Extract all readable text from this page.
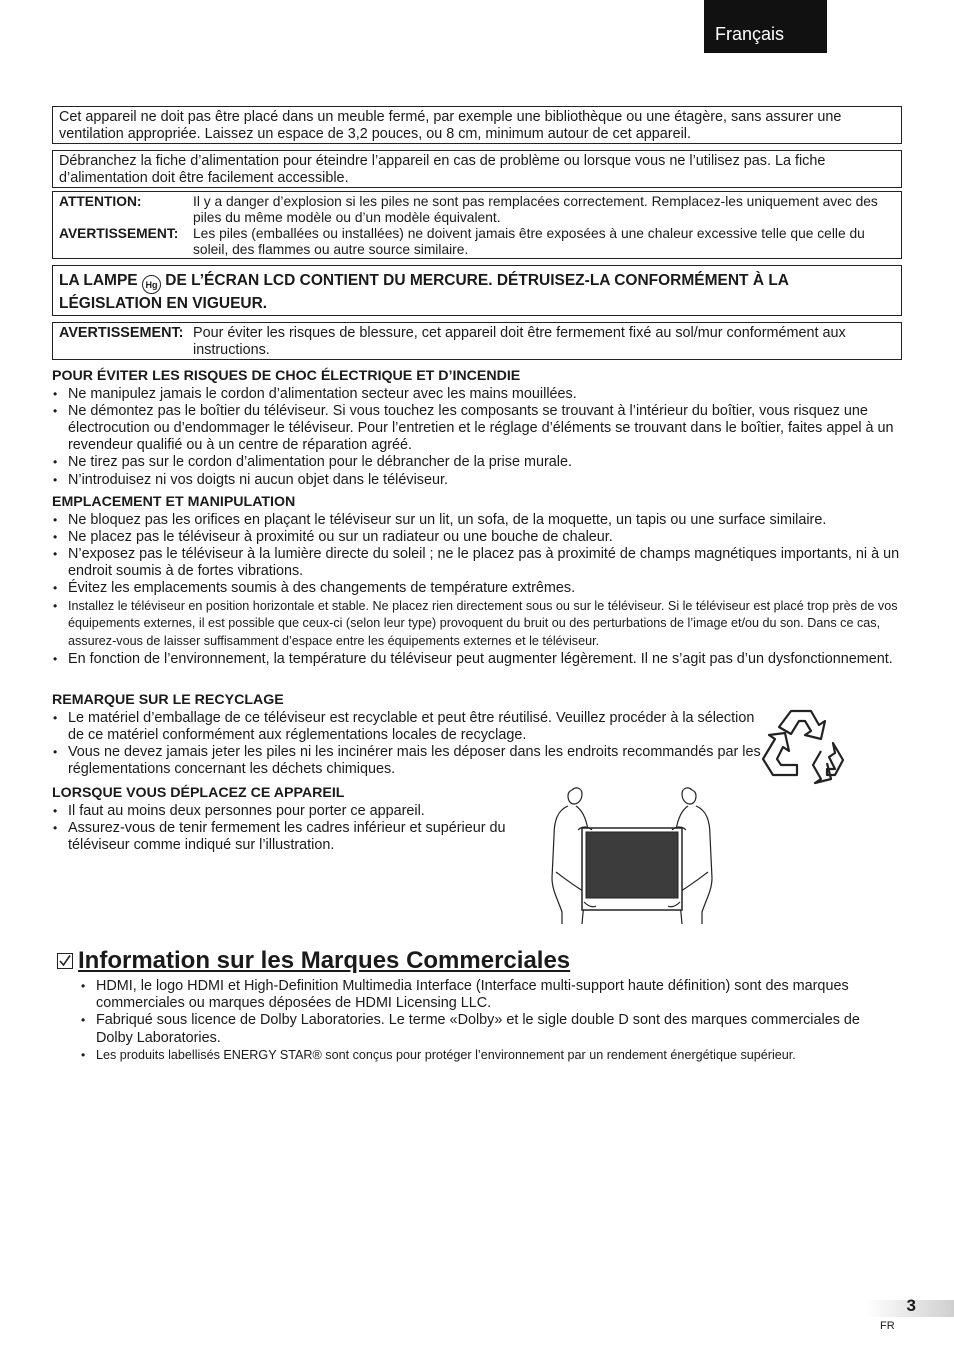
Français
Cet appareil ne doit pas être placé dans un meuble fermé, par exemple une bibliothèque ou une étagère, sans assurer une ventilation appropriée. Laissez un espace de 3,2 pouces, ou 8 cm, minimum autour de cet appareil.
Débranchez la fiche d’alimentation pour éteindre l’appareil en cas de problème ou lorsque vous ne l’utilisez pas. La fiche d’alimentation doit être facilement accessible.
ATTENTION:	Il y a danger d’explosion si les piles ne sont pas remplacées correctement. Remplacez-les uniquement avec des piles du même modèle ou d’un modèle équivalent.
AVERTISSEMENT:	Les piles (emballées ou installées) ne doivent jamais être exposées à une chaleur excessive telle que celle du soleil, des flammes ou autre source similaire.
LA LAMPE Hg DE L’ÉCRAN LCD CONTIENT DU MERCURE. DÉTRUISEZ-LA CONFORMÉMENT À LA LÉGISLATION EN VIGUEUR.
AVERTISSEMENT: Pour éviter les risques de blessure, cet appareil doit être fermement fixé au sol/mur conformément aux instructions.
POUR ÉVITER LES RISQUES DE CHOC ÉLECTRIQUE ET D’INCENDIE
• Ne manipulez jamais le cordon d’alimentation secteur avec les mains mouillées.
• Ne démontez pas le boîtier du téléviseur. Si vous touchez les composants se trouvant à l’intérieur du boîtier, vous risquez une électrocution ou d’endommager le téléviseur. Pour l’entretien et le réglage d’éléments se trouvant dans le boîtier, faites appel à un revendeur qualifié ou à un centre de réparation agréé.
• Ne tirez pas sur le cordon d’alimentation pour le débrancher de la prise murale.
• N’introduisez ni vos doigts ni aucun objet dans le téléviseur.
EMPLACEMENT ET MANIPULATION
• Ne bloquez pas les orifices en plaçant le téléviseur sur un lit, un sofa, de la moquette, un tapis ou une surface similaire.
• Ne placez pas le téléviseur à proximité ou sur un radiateur ou une bouche de chaleur.
• N’exposez pas le téléviseur à la lumière directe du soleil ; ne le placez pas à proximité de champs magnétiques importants, ni à un endroit soumis à de fortes vibrations.
• Évitez les emplacements soumis à des changements de température extrêmes.
• Installez le téléviseur en position horizontale et stable. Ne placez rien directement sous ou sur le téléviseur. Si le téléviseur est placé trop près de vos équipements externes, il est possible que ceux-ci (selon leur type) provoquent du bruit ou des perturbations de l’image et/ou du son. Dans ce cas, assurez-vous de laisser suffisamment d’espace entre les équipements externes et le téléviseur.
• En fonction de l’environnement, la température du téléviseur peut augmenter légèrement. Il ne s’agit pas d’un dysfonctionnement.
REMARQUE SUR LE RECYCLAGE
• Le matériel d’emballage de ce téléviseur est recyclable et peut être réutilisé. Veuillez procéder à la sélection de ce matériel conformément aux réglementations locales de recyclage.
• Vous ne devez jamais jeter les piles ni les incinérer mais les déposer dans les endroits recommandés par les réglementations concernant les déchets chimiques.
LORSQUE VOUS DÉPLACEZ CE APPAREIL
• Il faut au moins deux personnes pour porter ce appareil.
• Assurez-vous de tenir fermement les cadres inférieur et supérieur du téléviseur comme indiqué sur l’illustration.
Information sur les Marques Commerciales
• HDMI, le logo HDMI et High-Definition Multimedia Interface (Interface multi-support haute définition) sont des marques commerciales ou marques déposées de HDMI Licensing LLC.
• Fabriqué sous licence de Dolby Laboratories. Le terme «Dolby» et le sigle double D sont des marques commerciales de Dolby Laboratories.
• Les produits labellisés ENERGY STAR® sont conçus pour protéger l’environnement par un rendement énergétique supérieur.
3
FR
